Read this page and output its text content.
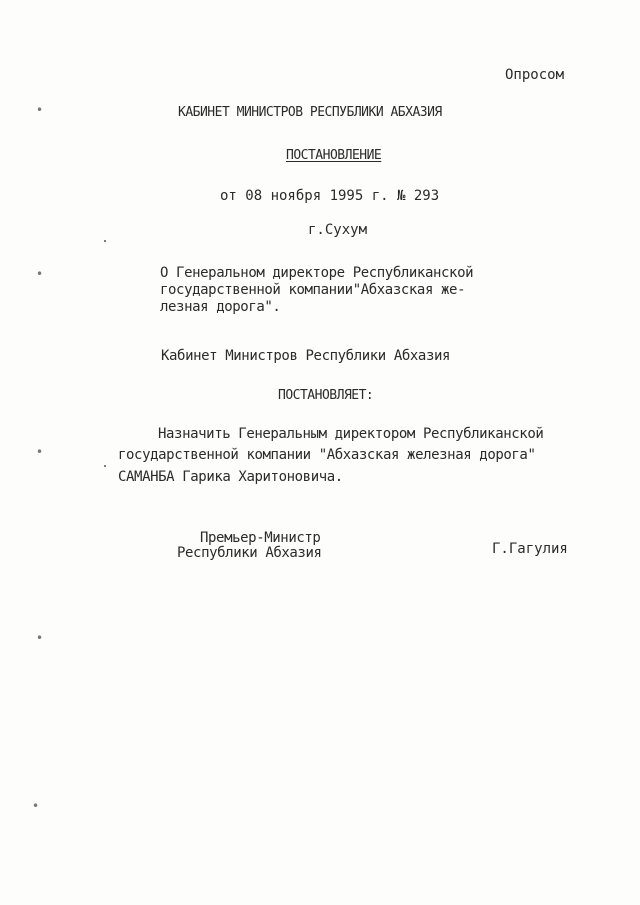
•
•
•
•
•
Опросом
КАБИНЕТ МИНИСТРОВ РЕСПУБЛИКИ АБХАЗИЯ
ПОСТАНОВЛЕНИЕ
от 08 ноября 1995 г. № 293
г.Сухум
О Генеральном директоре Республиканской
государственной компании"Абхазская же-
лезная дорога".
Кабинет Министров Республики Абхазия
ПОСТАНОВЛЯЕТ:
Назначить Генеральным директором Республиканской
государственной компании "Абхазская железная дорога"
САМАНБА Гарика Харитоновича.
Премьер-Министр
Республики Абхазия	Г.Гагулия
